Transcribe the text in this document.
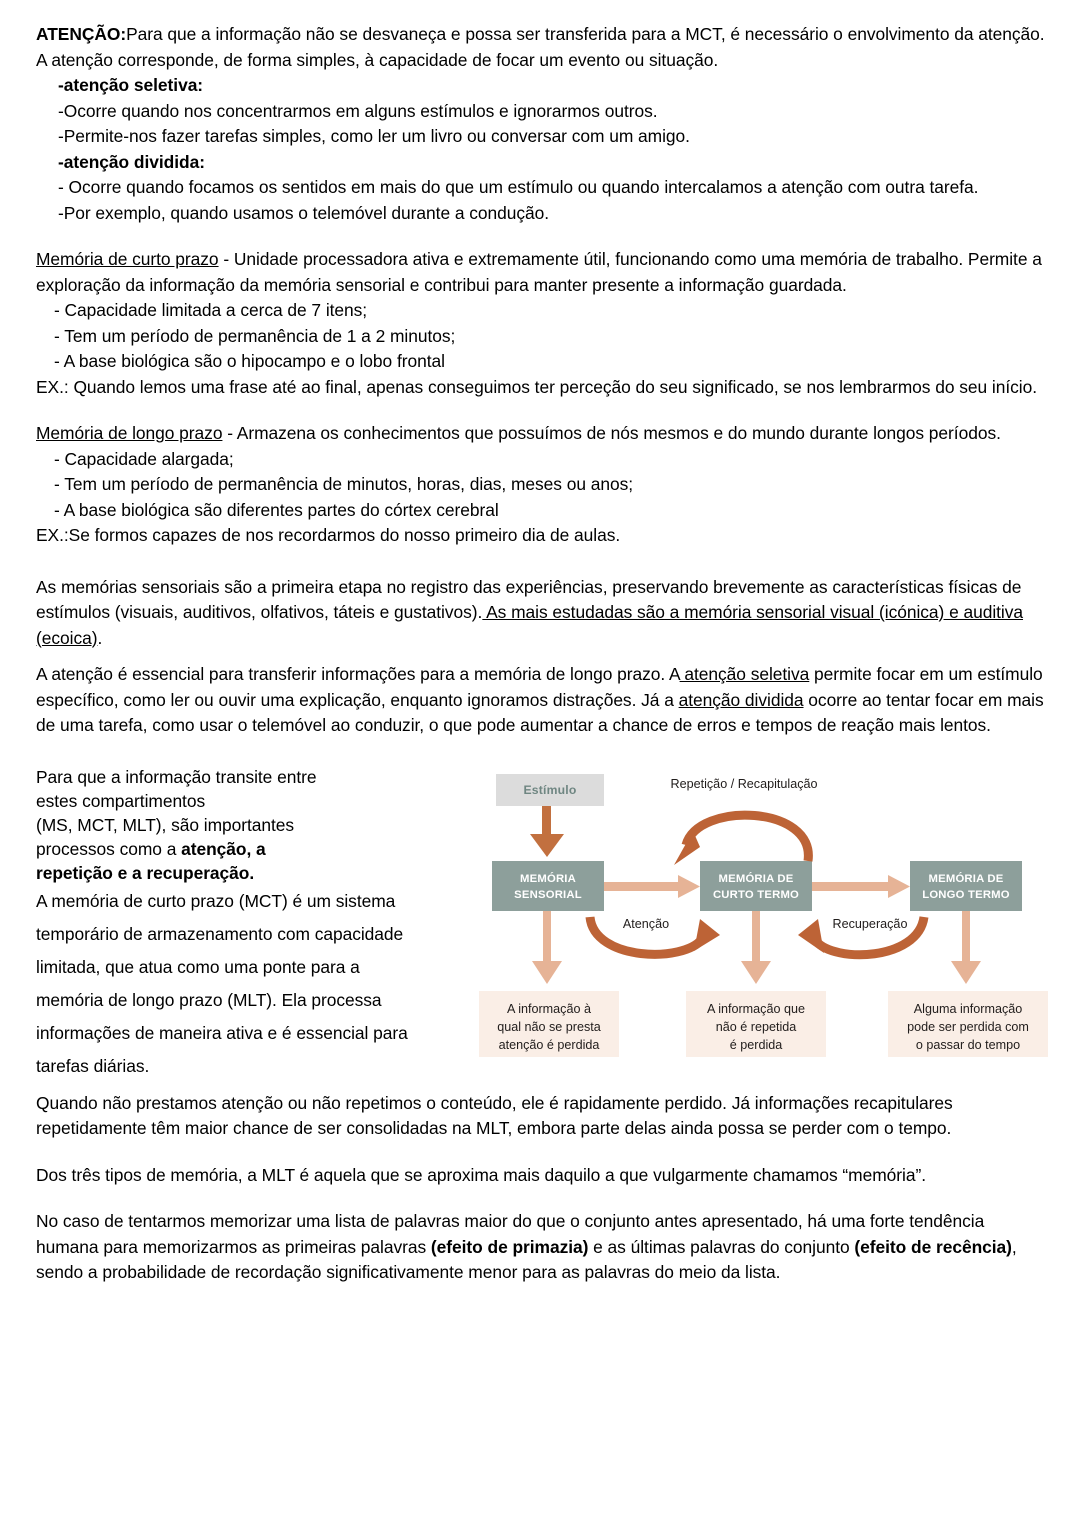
ATENÇÃO:Para que a informação não se desvaneça e possa ser transferida para a MCT, é necessário o envolvimento da atenção. A atenção corresponde, de forma simples, à capacidade de focar um evento ou situação.

-atenção seletiva:

-Ocorre quando nos concentrarmos em alguns estímulos e ignorarmos outros.

-Permite-nos fazer tarefas simples, como ler um livro ou conversar com um amigo.

-atenção dividida:

- Ocorre quando focamos os sentidos em mais do que um estímulo ou quando intercalamos a atenção com outra tarefa.

-Por exemplo, quando usamos o telemóvel durante a condução.

Memória de curto prazo - Unidade processadora ativa e extremamente útil, funcionando como uma memória de trabalho. Permite a exploração da informação da memória sensorial e contribui para manter presente a informação guardada.

- Capacidade limitada a cerca de 7 itens;

- Tem um período de permanência de 1 a 2 minutos;

- A base biológica são o hipocampo e o lobo frontal

EX.: Quando lemos uma frase até ao final, apenas conseguimos ter perceção do seu significado, se nos lembrarmos do seu início.

Memória de longo prazo - Armazena os conhecimentos que possuímos de nós mesmos e do mundo durante longos períodos.

- Capacidade alargada;

- Tem um período de permanência de minutos, horas, dias, meses ou anos;

- A base biológica são diferentes partes do córtex cerebral

EX.:Se formos capazes de nos recordarmos do nosso primeiro dia de aulas.

As memórias sensoriais são a primeira etapa no registro das experiências, preservando brevemente as características físicas de estímulos (visuais, auditivos, olfativos, táteis e gustativos). As mais estudadas são a memória sensorial visual (icónica) e auditiva (ecoica).

A atenção é essencial para transferir informações para a memória de longo prazo. A atenção seletiva permite focar em um estímulo específico, como ler ou ouvir uma explicação, enquanto ignoramos distrações. Já a atenção dividida ocorre ao tentar focar em mais de uma tarefa, como usar o telemóvel ao conduzir, o que pode aumentar a chance de erros e tempos de reação mais lentos.

Para que a informação transite entre

estes compartimentos

(MS, MCT, MLT), são importantes

processos como a atenção, a

repetição e a recuperação.

A memória de curto prazo (MCT) é um sistema temporário de armazenamento com capacidade limitada, que atua como uma ponte para a memória de longo prazo (MLT). Ela processa informações de maneira ativa e é essencial para tarefas diárias.

Estímulo
MEMÓRIA
SENSORIAL
MEMÓRIA DE
CURTO TERMO
MEMÓRIA DE
LONGO TERMO
Repetição / Recapitulação
Atenção	Recuperação
A informação à
qual não se presta
atenção é perdida
A informação que
não é repetida
é perdida
Alguma informação
pode ser perdida com
o passar do tempo

Quando não prestamos atenção ou não repetimos o conteúdo, ele é rapidamente perdido. Já informações recapitulares repetidamente têm maior chance de ser consolidadas na MLT, embora parte delas ainda possa se perder com o tempo.

Dos três tipos de memória, a MLT é aquela que se aproxima mais daquilo a que vulgarmente chamamos “memória”.

No caso de tentarmos memorizar uma lista de palavras maior do que o conjunto antes apresentado, há uma forte tendência humana para memorizarmos as primeiras palavras (efeito de primazia) e as últimas palavras do conjunto (efeito de recência), sendo a probabilidade de recordação significativamente menor para as palavras do meio da lista.
